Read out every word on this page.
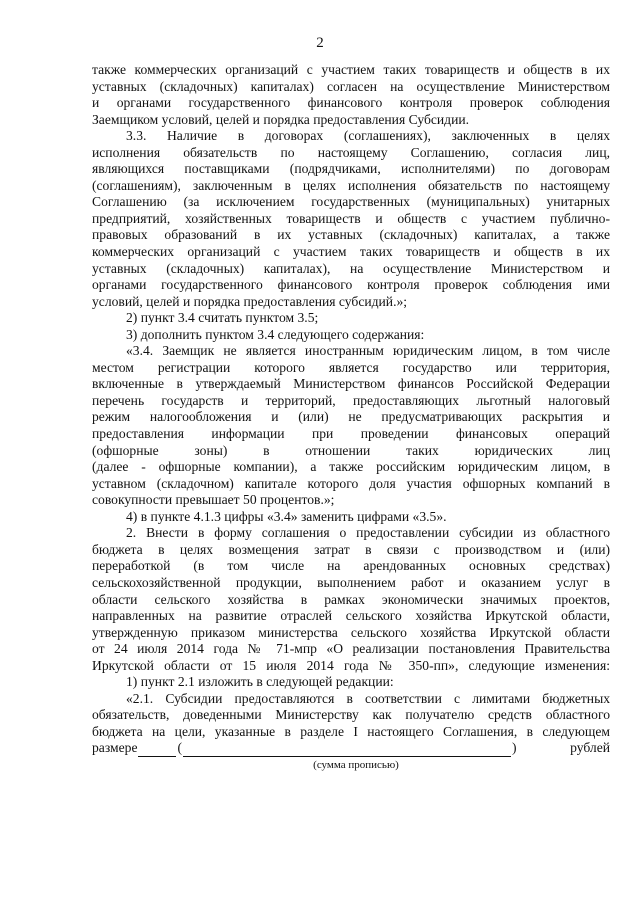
2
также коммерческих организаций с участием таких товариществ и обществ в их
уставных (складочных) капиталах) согласен на осуществление Министерством
и органами государственного финансового контроля проверок соблюдения
Заемщиком условий, целей и порядка предоставления Субсидии.
3.3. Наличие в договорах (соглашениях), заключенных в целях
исполнения обязательств по настоящему Соглашению, согласия лиц,
являющихся поставщиками (подрядчиками, исполнителями) по договорам
(соглашениям), заключенным в целях исполнения обязательств по настоящему
Соглашению (за исключением государственных (муниципальных) унитарных
предприятий, хозяйственных товариществ и обществ с участием публично-
правовых образований в их уставных (складочных) капиталах, а также
коммерческих организаций с участием таких товариществ и обществ в их
уставных (складочных) капиталах), на осуществление Министерством и
органами государственного финансового контроля проверок соблюдения ими
условий, целей и порядка предоставления субсидий.»;
2) пункт 3.4 считать пунктом 3.5;
3) дополнить пунктом 3.4 следующего содержания:
«3.4. Заемщик не является иностранным юридическим лицом, в том числе
местом регистрации которого является государство или территория,
включенные в утверждаемый Министерством финансов Российской Федерации
перечень государств и территорий, предоставляющих льготный налоговый
режим налогообложения и (или) не предусматривающих раскрытия и
предоставления информации при проведении финансовых операций
(офшорные зоны) в отношении таких юридических лиц
(далее - офшорные компании), а также российским юридическим лицом, в
уставном (складочном) капитале которого доля участия офшорных компаний в
совокупности превышает 50 процентов.»;
4) в пункте 4.1.3 цифры «3.4» заменить цифрами «3.5».
2. Внести в форму соглашения о предоставлении субсидии из областного
бюджета в целях возмещения затрат в связи с производством и (или)
переработкой (в том числе на арендованных основных средствах)
сельскохозяйственной продукции, выполнением работ и оказанием услуг в
области сельского хозяйства в рамках экономически значимых проектов,
направленных на развитие отраслей сельского хозяйства Иркутской области,
утвержденную приказом министерства сельского хозяйства Иркутской области
от 24 июля 2014 года № 71-мпр «О реализации постановления Правительства
Иркутской области от 15 июля 2014 года № 350-пп», следующие изменения:
1) пункт 2.1 изложить в следующей редакции:
«2.1. Субсидии предоставляются в соответствии с лимитами бюджетных
обязательств, доведенными Министерству как получателю средств областного
бюджета на цели, указанные в разделе I настоящего Соглашения, в следующем
размере	(	)	рублей
(сумма прописью)
